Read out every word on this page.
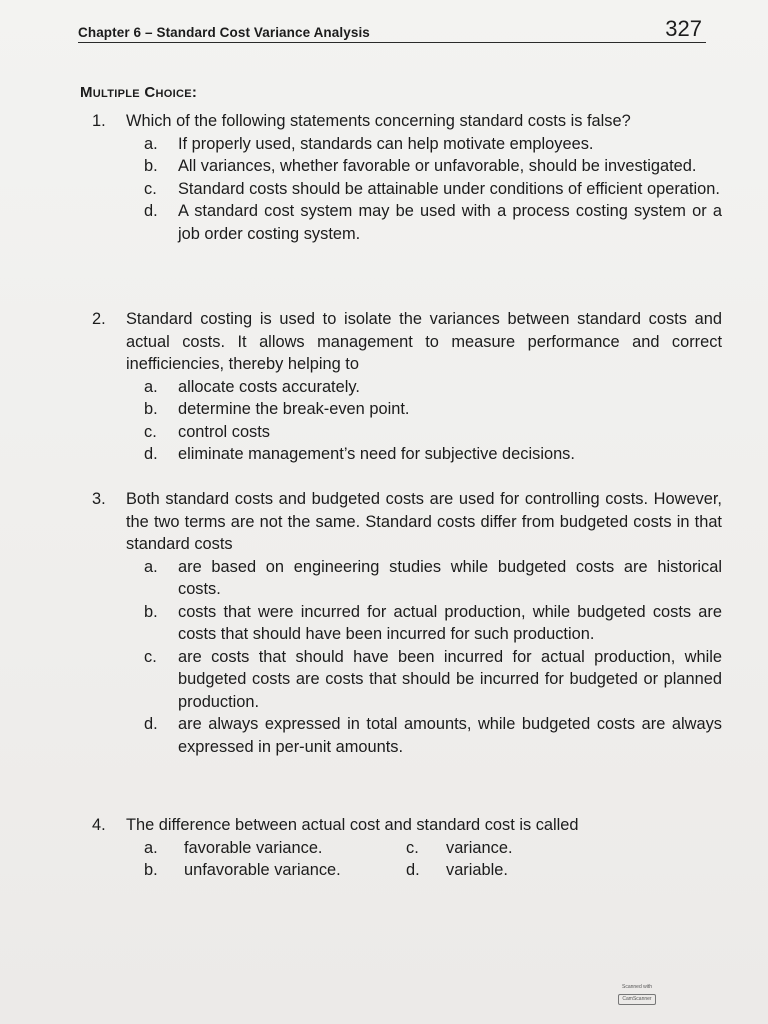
Chapter 6 – Standard Cost Variance Analysis	327
Multiple Choice:
1. Which of the following statements concerning standard costs is false?
a. If properly used, standards can help motivate employees.
b. All variances, whether favorable or unfavorable, should be investigated.
c. Standard costs should be attainable under conditions of efficient operation.
d. A standard cost system may be used with a process costing system or a job order costing system.
2. Standard costing is used to isolate the variances between standard costs and actual costs. It allows management to measure performance and correct inefficiencies, thereby helping to
a. allocate costs accurately.
b. determine the break-even point.
c. control costs
d. eliminate management’s need for subjective decisions.
3. Both standard costs and budgeted costs are used for controlling costs. However, the two terms are not the same. Standard costs differ from budgeted costs in that standard costs
a. are based on engineering studies while budgeted costs are historical costs.
b. costs that were incurred for actual production, while budgeted costs are costs that should have been incurred for such production.
c. are costs that should have been incurred for actual production, while budgeted costs are costs that should be incurred for budgeted or planned production.
d. are always expressed in total amounts, while budgeted costs are always expressed in per-unit amounts.
4. The difference between actual cost and standard cost is called
a. favorable variance.
b. unfavorable variance.
c. variance.
d. variable.
Scanned with
CamScanner
